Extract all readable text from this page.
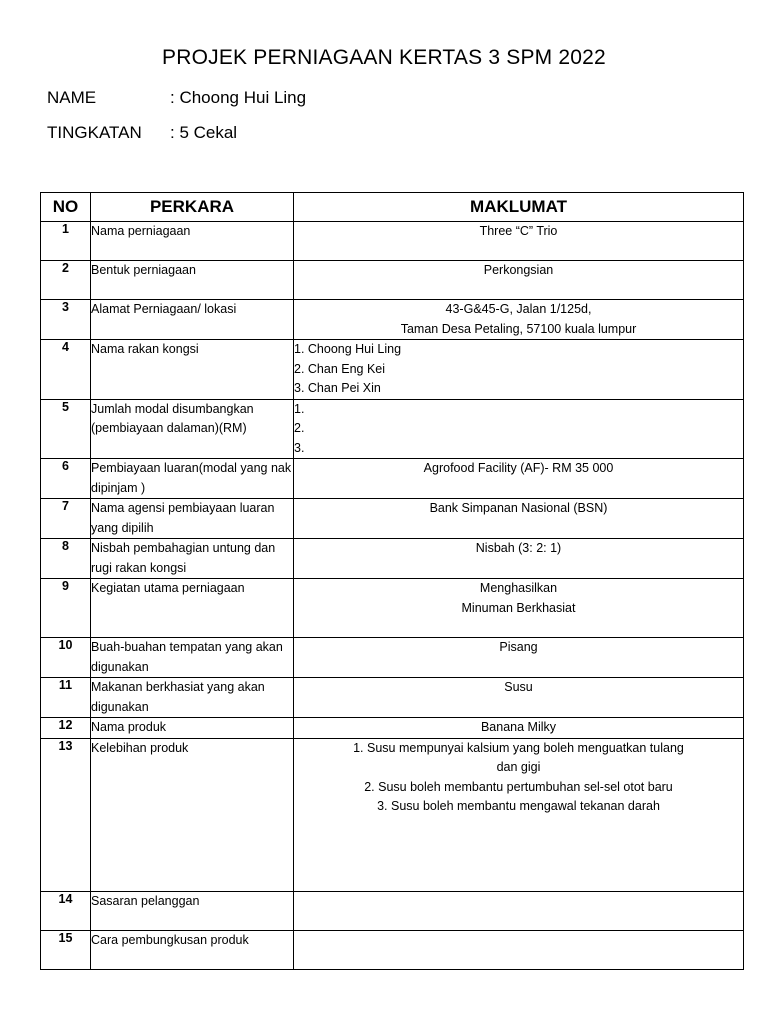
PROJEK PERNIAGAAN KERTAS 3 SPM 2022
NAME	: Choong Hui Ling
TINGKATAN : 5 Cekal
NO	PERKARA	MAKLUMAT
1	Nama perniagaan	Three “C” Trio
2	Bentuk perniagaan	Perkongsian
3	Alamat Perniagaan/ lokasi	43-G&45-G, Jalan 1/125d,
Taman Desa Petaling, 57100 kuala lumpur

4	Nama rakan kongsi	1. Choong Hui Ling
2. Chan Eng Kei
3. Chan Pei Xin

5	Jumlah modal disumbangkan (pembiayaan dalaman)(RM)	1.
2.
3.

6	Pembiayaan luaran(modal yang nak dipinjam )	Agrofood Facility (AF)- RM 35 000
7	Nama agensi pembiayaan luaran yang dipilih	Bank Simpanan Nasional (BSN)
8	Nisbah pembahagian untung dan rugi rakan kongsi	Nisbah (3: 2: 1)
9	Kegiatan utama perniagaan	Menghasilkan
Minuman Berkhasiat

10	Buah-buahan tempatan yang akan digunakan	Pisang
11	Makanan berkhasiat yang akan digunakan	Susu
12	Nama produk	Banana Milky
13	Kelebihan produk	1. Susu mempunyai kalsium yang boleh menguatkan tulang
dan gigi
2. Susu boleh membantu pertumbuhan sel-sel otot baru
3. Susu boleh membantu mengawal tekanan darah

14	Sasaran pelanggan	
15	Cara pembungkusan produk	
